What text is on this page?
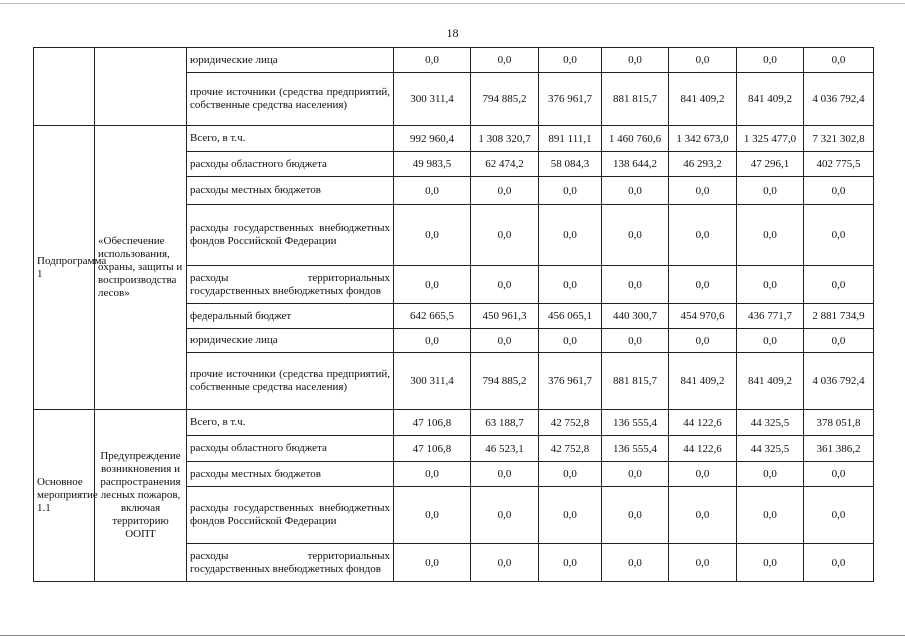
18
		юридические лица	0,0	0,0	0,0	0,0	0,0	0,0	0,0
		прочие источники (средства предприятий, собственные средства населения)	300 311,4	794 885,2	376 961,7	881 815,7	841 409,2	841 409,2	4 036 792,4
Подпрограмма 1	«Обеспечение использования, охраны, защиты и воспроизводства лесов»	Всего, в т.ч.	992 960,4	1 308 320,7	891 111,1	1 460 760,6	1 342 673,0	1 325 477,0	7 321 302,8
		расходы областного бюджета	49 983,5	62 474,2	58 084,3	138 644,2	46 293,2	47 296,1	402 775,5
		расходы местных бюджетов	0,0	0,0	0,0	0,0	0,0	0,0	0,0
		расходы государственных внебюджетных фондов Российской Федерации	0,0	0,0	0,0	0,0	0,0	0,0	0,0
		расходы территориальных государственных внебюджетных фондов	0,0	0,0	0,0	0,0	0,0	0,0	0,0
		федеральный бюджет	642 665,5	450 961,3	456 065,1	440 300,7	454 970,6	436 771,7	2 881 734,9
		юридические лица	0,0	0,0	0,0	0,0	0,0	0,0	0,0
		прочие источники (средства предприятий, собственные средства населения)	300 311,4	794 885,2	376 961,7	881 815,7	841 409,2	841 409,2	4 036 792,4
Основное мероприятие 1.1	Предупреждение возникновения и распространения лесных пожаров, включая территорию ООПТ	Всего, в т.ч.	47 106,8	63 188,7	42 752,8	136 555,4	44 122,6	44 325,5	378 051,8
		расходы областного бюджета	47 106,8	46 523,1	42 752,8	136 555,4	44 122,6	44 325,5	361 386,2
		расходы местных бюджетов	0,0	0,0	0,0	0,0	0,0	0,0	0,0
		расходы государственных внебюджетных фондов Российской Федерации	0,0	0,0	0,0	0,0	0,0	0,0	0,0
		расходы территориальных государственных внебюджетных фондов	0,0	0,0	0,0	0,0	0,0	0,0	0,0
